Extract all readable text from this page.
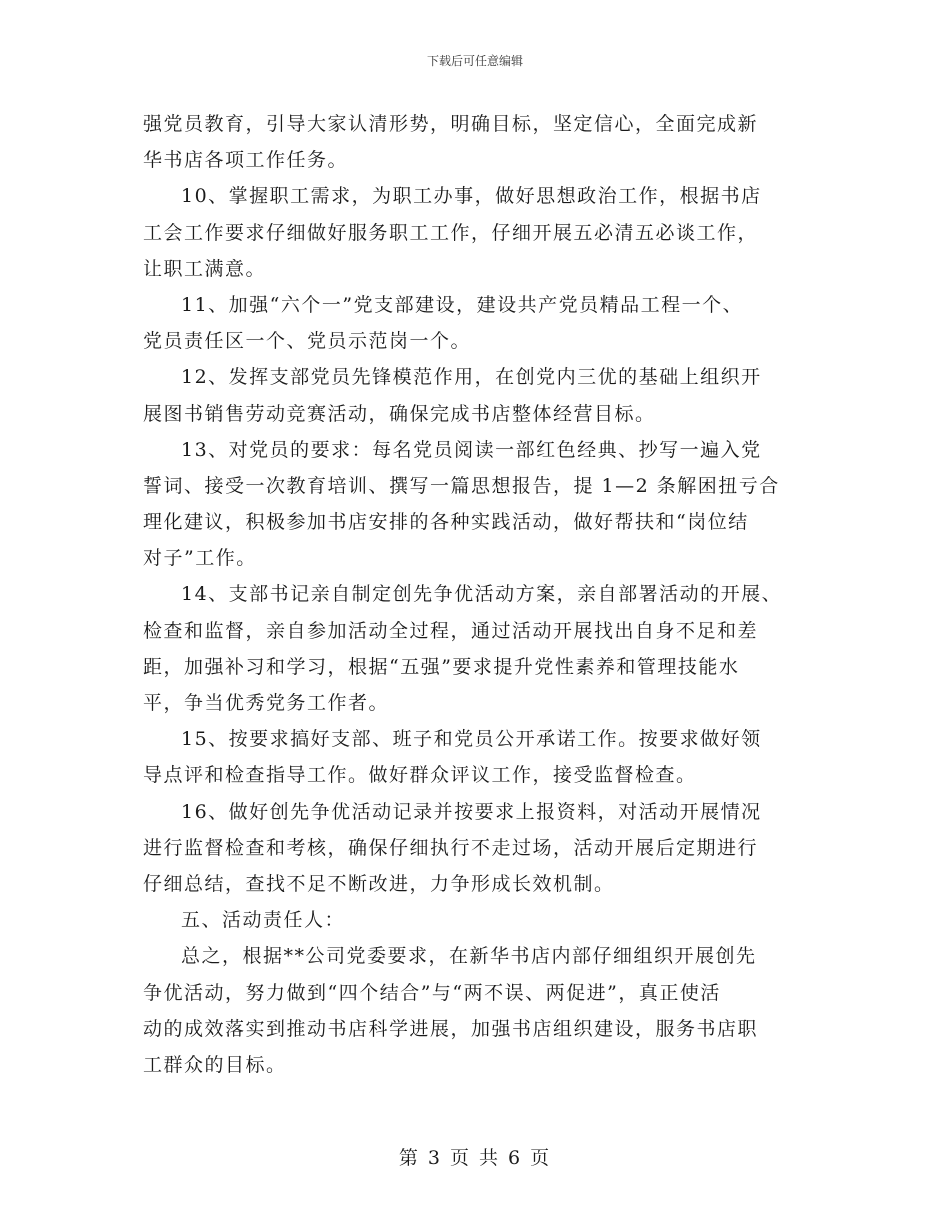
下载后可任意编辑
强党员教育，引导大家认清形势，明确目标，坚定信心，全面完成新
华书店各项工作任务。
10、掌握职工需求，为职工办事，做好思想政治工作，根据书店
工会工作要求仔细做好服务职工工作，仔细开展五必清五必谈工作，
让职工满意。
11、加强“六个一”党支部建设，建设共产党员精品工程一个、
党员责任区一个、党员示范岗一个。
12、发挥支部党员先锋模范作用，在创党内三优的基础上组织开
展图书销售劳动竞赛活动，确保完成书店整体经营目标。
13、对党员的要求：每名党员阅读一部红色经典、抄写一遍入党
誓词、接受一次教育培训、撰写一篇思想报告，提 1—2 条解困扭亏合
理化建议，积极参加书店安排的各种实践活动，做好帮扶和“岗位结
对子”工作。
14、支部书记亲自制定创先争优活动方案，亲自部署活动的开展、
检查和监督，亲自参加活动全过程，通过活动开展找出自身不足和差
距，加强补习和学习，根据“五强”要求提升党性素养和管理技能水
平，争当优秀党务工作者。
15、按要求搞好支部、班子和党员公开承诺工作。按要求做好领
导点评和检查指导工作。做好群众评议工作，接受监督检查。
16、做好创先争优活动记录并按要求上报资料，对活动开展情况
进行监督检查和考核，确保仔细执行不走过场，活动开展后定期进行
仔细总结，查找不足不断改进，力争形成长效机制。
五、活动责任人：
总之，根据**公司党委要求，在新华书店内部仔细组织开展创先
争优活动，努力做到“四个结合”与“两不误、两促进”，真正使活
动的成效落实到推动书店科学进展，加强书店组织建设，服务书店职
工群众的目标。
第 3 页 共 6 页
